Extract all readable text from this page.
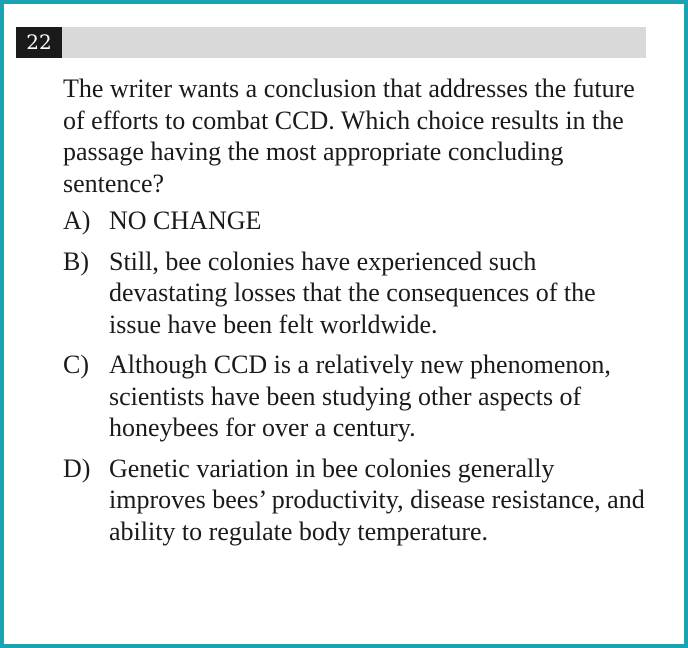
22

The writer wants a conclusion that addresses the future of efforts to combat CCD. Which choice results in the passage having the most appropriate concluding sentence?

A) NO CHANGE
B) Still, bee colonies have experienced such devastating losses that the consequences of the issue have been felt worldwide.
C) Although CCD is a relatively new phenomenon, scientists have been studying other aspects of honeybees for over a century.
D) Genetic variation in bee colonies generally improves bees’ productivity, disease resistance, and ability to regulate body temperature.
